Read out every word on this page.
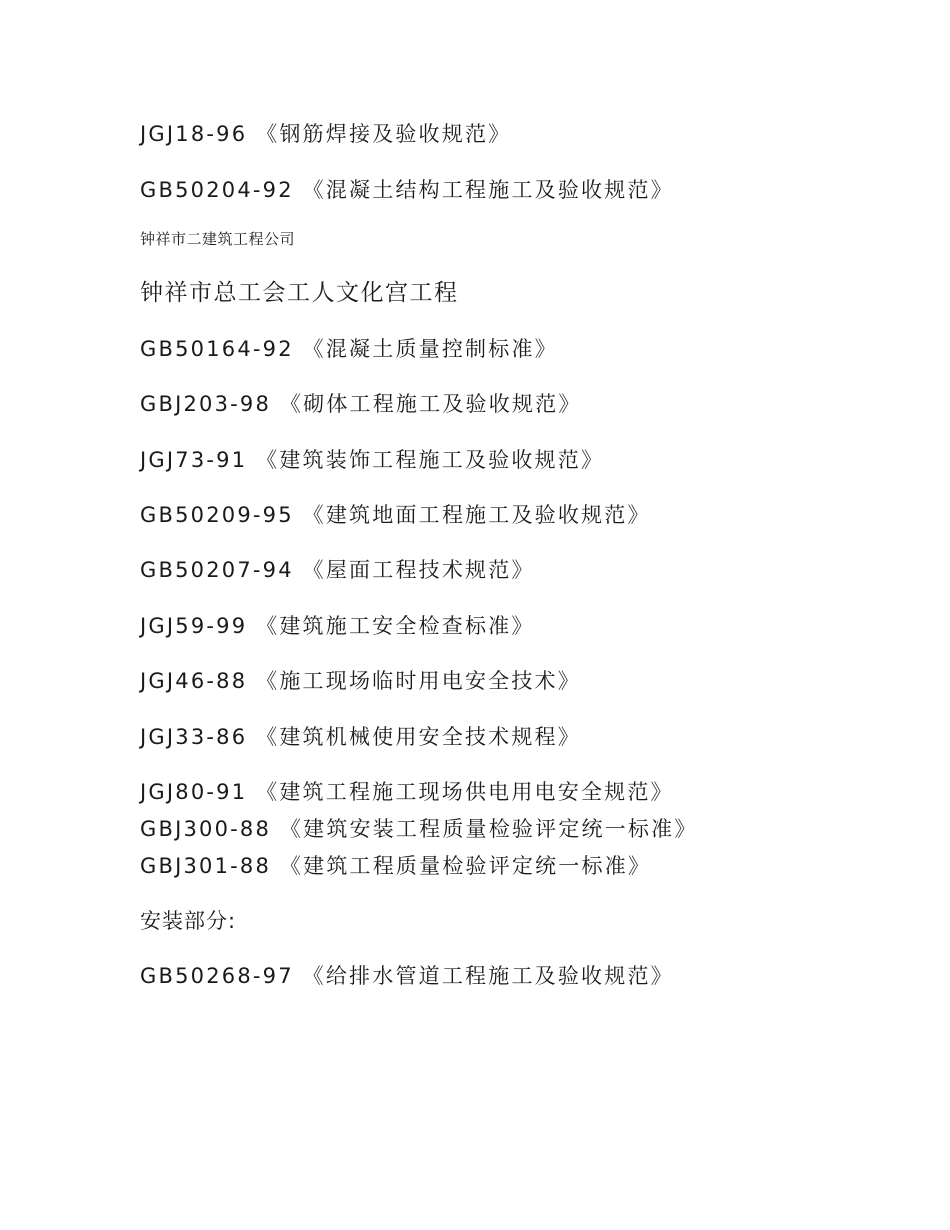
JGJ18-96 《钢筋焊接及验收规范》
GB50204-92 《混凝土结构工程施工及验收规范》
钟祥市二建筑工程公司
钟祥市总工会工人文化宫工程
GB50164-92 《混凝土质量控制标准》
GBJ203-98 《砌体工程施工及验收规范》
JGJ73-91 《建筑装饰工程施工及验收规范》
GB50209-95 《建筑地面工程施工及验收规范》
GB50207-94 《屋面工程技术规范》
JGJ59-99 《建筑施工安全检查标准》
JGJ46-88 《施工现场临时用电安全技术》
JGJ33-86 《建筑机械使用安全技术规程》
JGJ80-91 《建筑工程施工现场供电用电安全规范》
GBJ300-88 《建筑安装工程质量检验评定统一标准》
GBJ301-88 《建筑工程质量检验评定统一标准》
安装部分:
GB50268-97 《给排水管道工程施工及验收规范》
